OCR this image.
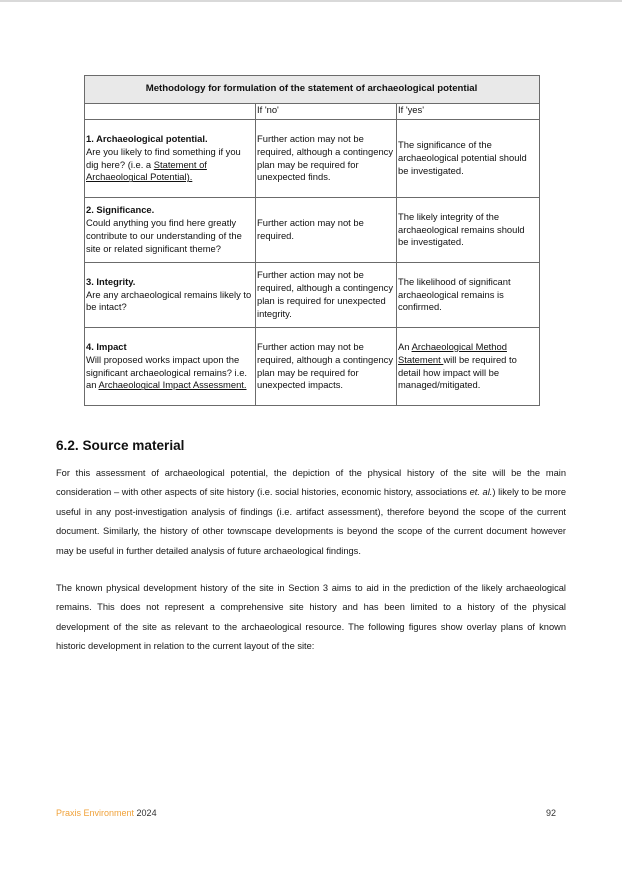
Methodology for formulation of the statement of archaeological potential		
	If 'no'	If 'yes'

1. Archaeological potential.
Are you likely to find something if you dig here? (i.e. a Statement of Archaeological Potential).	Further action may not be required, although a contingency plan may be required for unexpected finds.	The significance of the archaeological potential should be investigated.

2. Significance.
Could anything you find here greatly contribute to our understanding of the site or related significant theme?	Further action may not be required.	The likely integrity of the archaeological remains should be investigated.

3. Integrity.
Are any archaeological remains likely to be intact?	Further action may not be required, although a contingency plan is required for unexpected integrity.	The likelihood of significant archaeological remains is confirmed.

4. Impact
Will proposed works impact upon the significant archaeological remains? i.e. an Archaeological Impact Assessment.	Further action may not be required, although a contingency plan may be required for unexpected impacts.	An Archaeological Method Statement will be required to detail how impact will be managed/mitigated.
6.2. Source material

For this assessment of archaeological potential, the depiction of the physical history of the site will be the main consideration – with other aspects of site history (i.e. social histories, economic history, associations et. al.) likely to be more useful in any post-investigation analysis of findings (i.e. artifact assessment), therefore beyond the scope of the current document. Similarly, the history of other townscape developments is beyond the scope of the current document however may be useful in further detailed analysis of future archaeological findings.

The known physical development history of the site in Section 3 aims to aid in the prediction of the likely archaeological remains. This does not represent a comprehensive site history and has been limited to a history of the physical development of the site as relevant to the archaeological resource. The following figures show overlay plans of known historic development in relation to the current layout of the site:

Praxis Environment 2024	92
